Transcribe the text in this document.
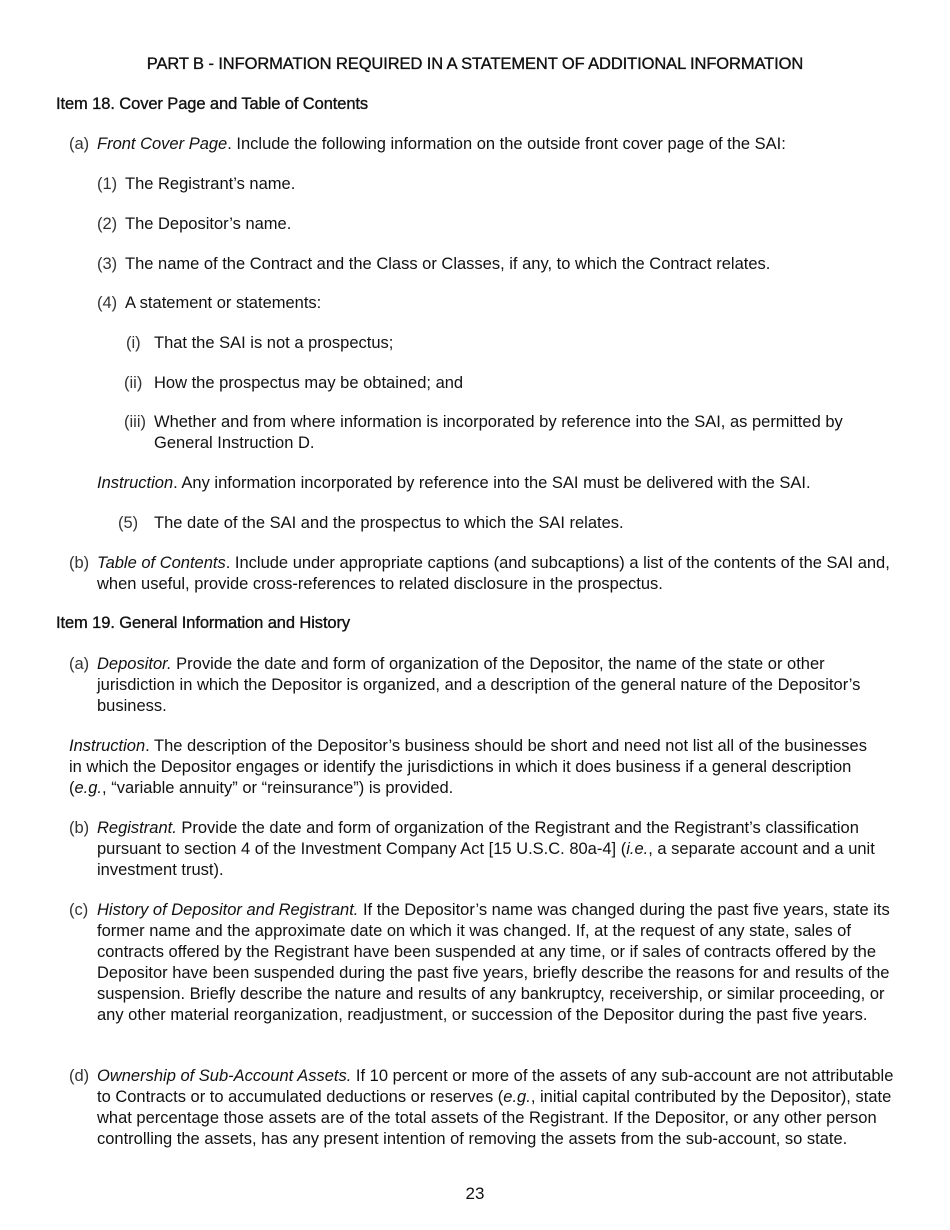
PART B - INFORMATION REQUIRED IN A STATEMENT OF ADDITIONAL INFORMATION
Item 18. Cover Page and Table of Contents
(a) Front Cover Page. Include the following information on the outside front cover page of the SAI:
(1) The Registrant’s name.
(2) The Depositor’s name.
(3) The name of the Contract and the Class or Classes, if any, to which the Contract relates.
(4) A statement or statements:
(i) That the SAI is not a prospectus;
(ii) How the prospectus may be obtained; and
(iii) Whether and from where information is incorporated by reference into the SAI, as permitted by General Instruction D.
Instruction. Any information incorporated by reference into the SAI must be delivered with the SAI.
(5) The date of the SAI and the prospectus to which the SAI relates.
(b) Table of Contents. Include under appropriate captions (and subcaptions) a list of the contents of the SAI and, when useful, provide cross-references to related disclosure in the prospectus.
Item 19. General Information and History
(a) Depositor. Provide the date and form of organization of the Depositor, the name of the state or other jurisdiction in which the Depositor is organized, and a description of the general nature of the Depositor’s business.
Instruction. The description of the Depositor’s business should be short and need not list all of the businesses in which the Depositor engages or identify the jurisdictions in which it does business if a general description (e.g., “variable annuity” or “reinsurance”) is provided.
(b) Registrant. Provide the date and form of organization of the Registrant and the Registrant’s classification pursuant to section 4 of the Investment Company Act [15 U.S.C. 80a-4] (i.e., a separate account and a unit investment trust).
(c) History of Depositor and Registrant. If the Depositor’s name was changed during the past five years, state its former name and the approximate date on which it was changed. If, at the request of any state, sales of contracts offered by the Registrant have been suspended at any time, or if sales of contracts offered by the Depositor have been suspended during the past five years, briefly describe the reasons for and results of the suspension. Briefly describe the nature and results of any bankruptcy, receivership, or similar proceeding, or any other material reorganization, readjustment, or succession of the Depositor during the past five years.
(d) Ownership of Sub-Account Assets. If 10 percent or more of the assets of any sub-account are not attributable to Contracts or to accumulated deductions or reserves (e.g., initial capital contributed by the Depositor), state what percentage those assets are of the total assets of the Registrant. If the Depositor, or any other person controlling the assets, has any present intention of removing the assets from the sub-account, so state.
23
